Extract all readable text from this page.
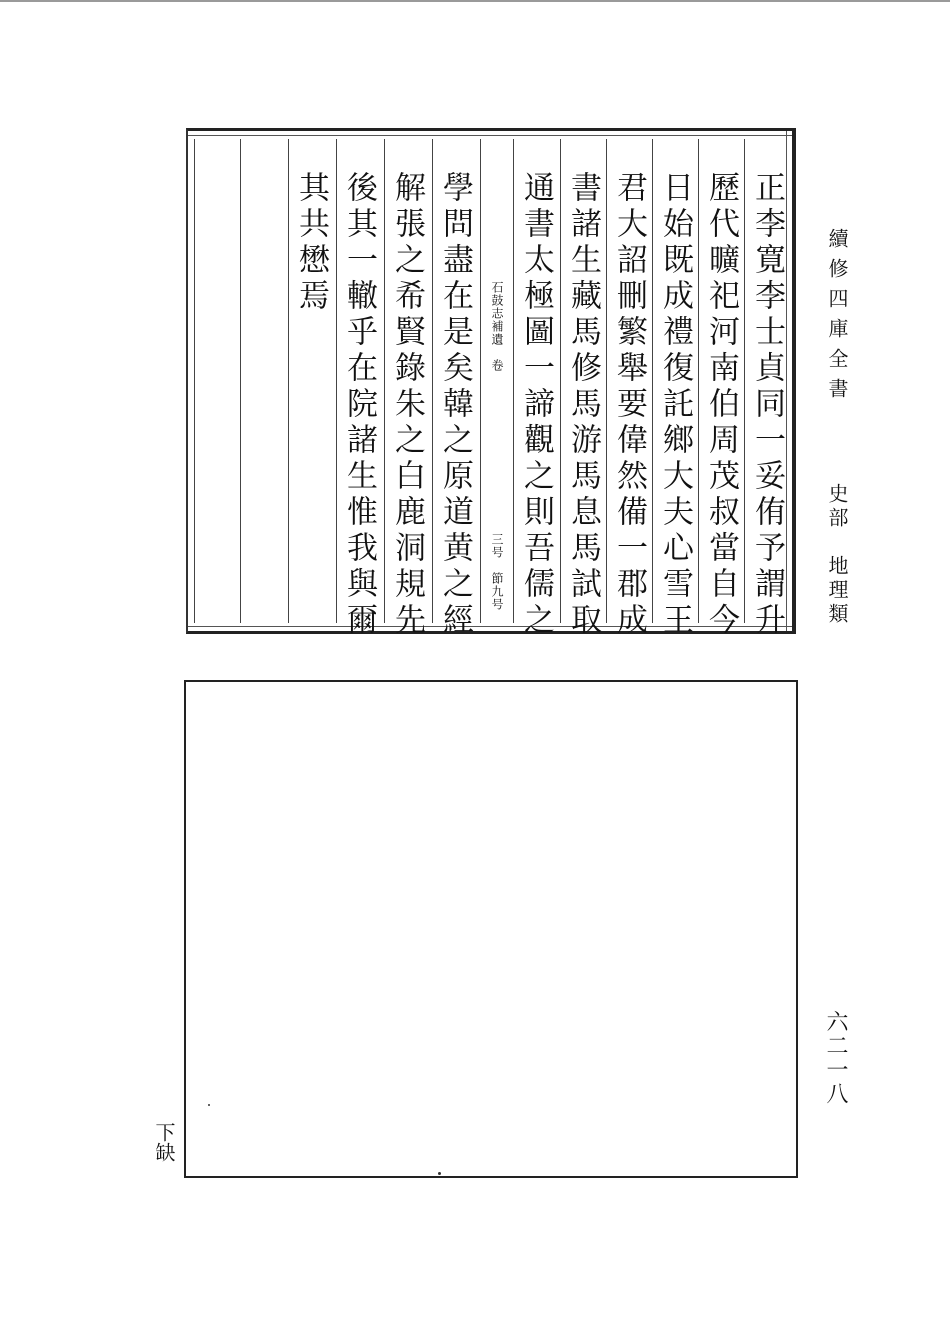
正李寛李士貞同一妥侑予謂升
歷代曠祀河南伯周茂叔當自今
日始既成禮復託鄉大夫心雪王
君大詔刪繁舉要偉然備一郡成
書諸生藏馬修馬游馬息馬試取
通書太極圖一諦觀之則吾儒之
石鼓志補遺　卷
三号　節九号
學問盡在是矣韓之原道黄之經
解張之希賢錄朱之白鹿洞規先
後其一轍乎在院諸生惟我與爾
其共懋焉	續修四庫全書
史部　地理類
六二一八
下缺
